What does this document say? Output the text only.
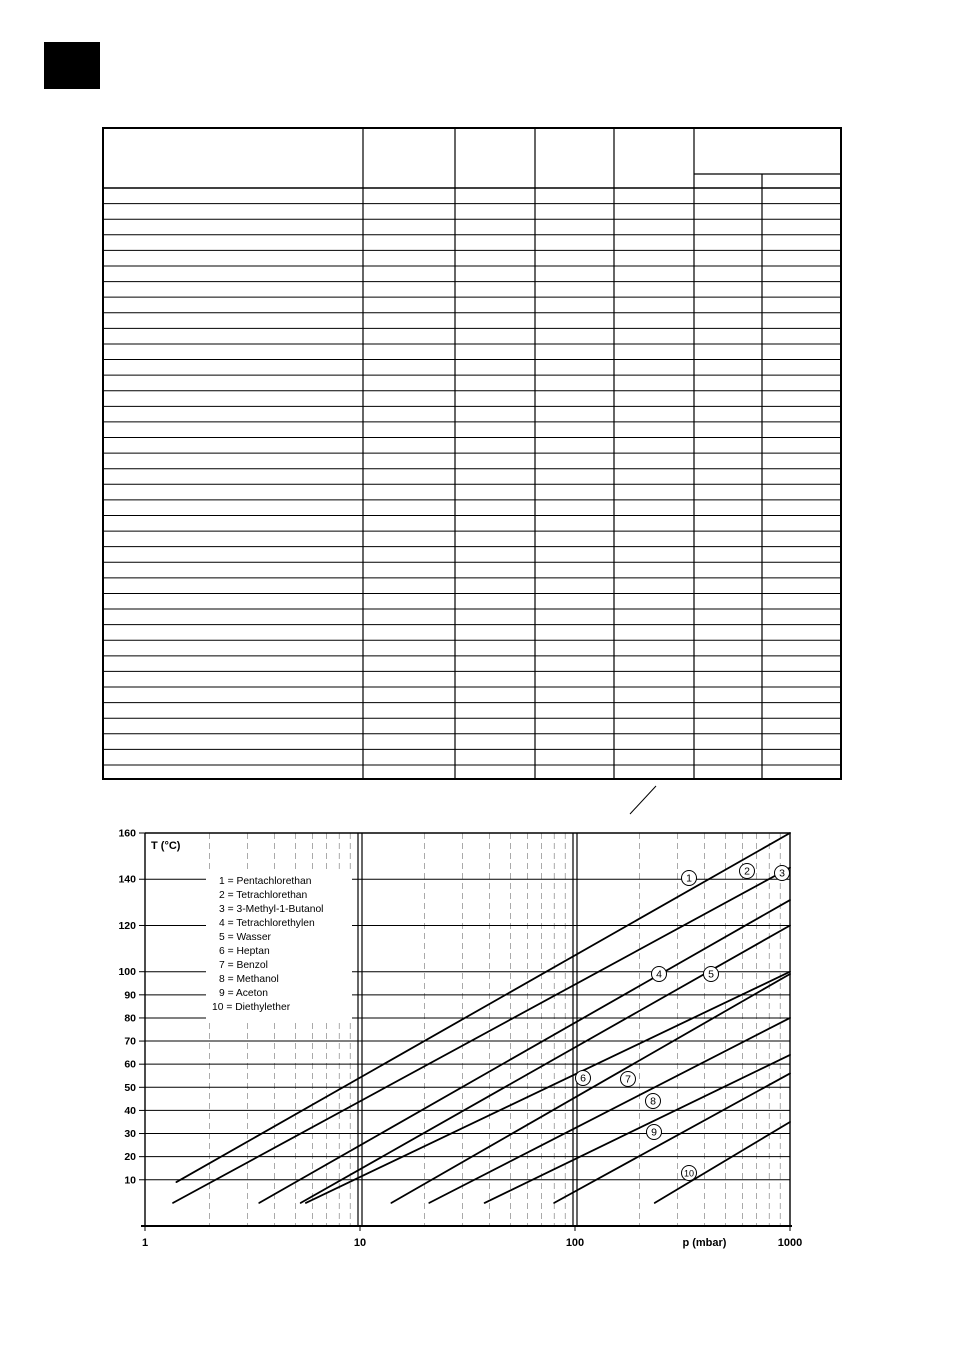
10
20
30
40
50
60
70
80
90
100
120
140
160
1	10	100	1000
p (mbar)
T (°C)
1 = Pentachlorethan
2 = Tetrachlorethan
3 = 3-Methyl-1-Butanol
4 = Tetrachlorethylen
5 = Wasser
6 = Heptan
7 = Benzol
8 = Methanol
9 = Aceton
10 = Diethylether
1
2	3
4	5
6	7
8
9
10
